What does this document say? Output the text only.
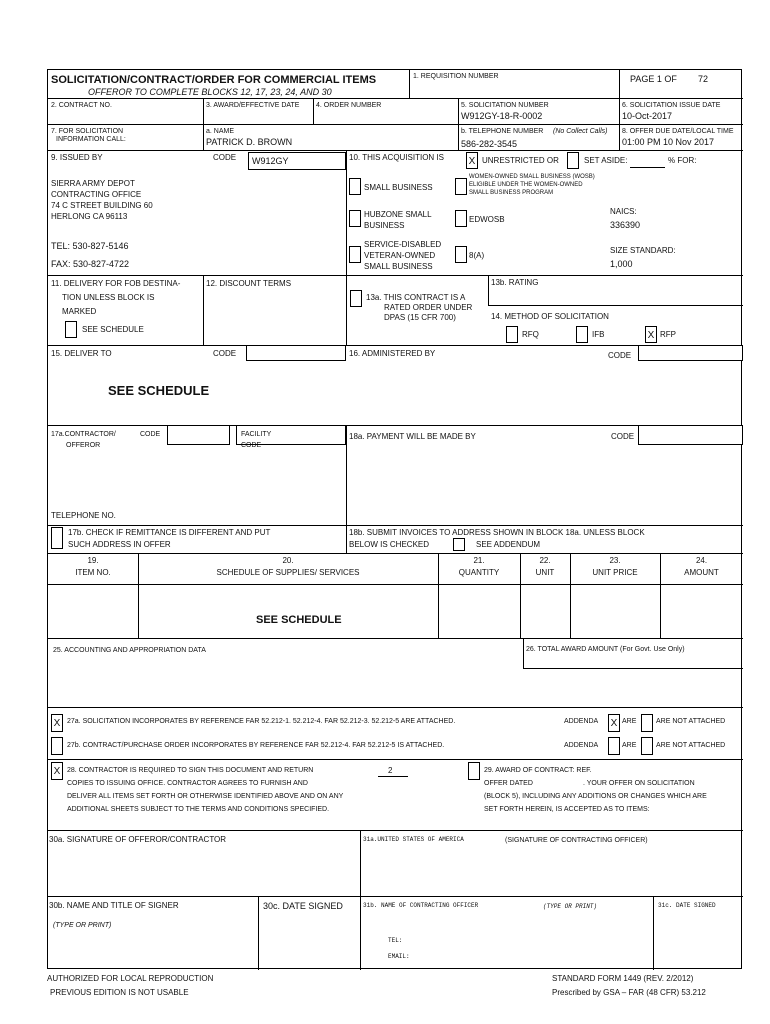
SOLICITATION/CONTRACT/ORDER FOR COMMERCIAL ITEMS
OFFEROR TO COMPLETE BLOCKS 12, 17, 23, 24, AND 30
1. REQUISITION NUMBER	PAGE 1 OF 72
2. CONTRACT NO.	3. AWARD/EFFECTIVE DATE 4. ORDER NUMBER	5. SOLICITATION NUMBER
W912GY-18-R-0002
6. SOLICITATION ISSUE DATE
10-Oct-2017
7. FOR SOLICITATION
INFORMATION CALL:
a. NAME
PATRICK D. BROWN
b. TELEPHONE NUMBER (No Collect Calls)
586-282-3545
8. OFFER DUE DATE/LOCAL TIME
01:00 PM 10 Nov 2017
9. ISSUED BY	CODE W912GY
SIERRA ARMY DEPOT
CONTRACTING OFFICE
74 C STREET BUILDING 60
HERLONG CA 96113
TEL: 530-827-5146
FAX: 530-827-4722
10. THIS ACQUISITION IS X UNRESTRICTED OR	SET ASIDE:	% FOR:
SMALL BUSINESS
WOMEN-OWNED SMALL BUSINESS (WOSB)
ELIGIBLE UNDER THE WOMEN-OWNED
SMALL BUSINESS PROGRAM
HUBZONE SMALL
BUSINESS
EDWOSB
NAICS:
336390
SERVICE-DISABLED
VETERAN-OWNED
SMALL BUSINESS
8(A)
SIZE STANDARD:
1,000
11. DELIVERY FOR FOB DESTINA-
TION UNLESS BLOCK IS
MARKED
SEE SCHEDULE
12. DISCOUNT TERMS
13a. THIS CONTRACT IS A
RATED ORDER UNDER
DPAS (15 CFR 700)
13b. RATING
14. METHOD OF SOLICITATION
RFQ	IFB	X RFP
15. DELIVER TO	CODE
SEE SCHEDULE
16. ADMINISTERED BY	CODE
17a.CONTRACTOR/
OFFEROR
CODE	FACILITY
CODE
18a. PAYMENT WILL BE MADE BY	CODE
TELEPHONE NO.
17b. CHECK IF REMITTANCE IS DIFFERENT AND PUT
SUCH ADDRESS IN OFFER
18b. SUBMIT INVOICES TO ADDRESS SHOWN IN BLOCK 18a. UNLESS BLOCK
BELOW IS CHECKED	SEE ADDENDUM
19.
ITEM NO.
20.
SCHEDULE OF SUPPLIES/ SERVICES
21.
QUANTITY
22.
UNIT
23.
UNIT PRICE
24.
AMOUNT
SEE SCHEDULE
25. ACCOUNTING AND APPROPRIATION DATA	26. TOTAL AWARD AMOUNT (For Govt. Use Only)
X 27a. SOLICITATION INCORPORATES BY REFERENCE FAR 52.212-1. 52.212-4. FAR 52.212-3. 52.212-5 ARE ATTACHED.	ADDENDA X ARE	ARE NOT ATTACHED
27b. CONTRACT/PURCHASE ORDER INCORPORATES BY REFERENCE FAR 52.212-4. FAR 52.212-5 IS ATTACHED.	ADDENDA	ARE	ARE NOT ATTACHED
X 28. CONTRACTOR IS REQUIRED TO SIGN THIS DOCUMENT AND RETURN	2
COPIES TO ISSUING OFFICE. CONTRACTOR AGREES TO FURNISH AND
DELIVER ALL ITEMS SET FORTH OR OTHERWISE IDENTIFIED ABOVE AND ON ANY
ADDITIONAL SHEETS SUBJECT TO THE TERMS AND CONDITIONS SPECIFIED.
29. AWARD OF CONTRACT: REF.
OFFER DATED	. YOUR OFFER ON SOLICITATION
(BLOCK 5), INCLUDING ANY ADDITIONS OR CHANGES WHICH ARE
SET FORTH HEREIN, IS ACCEPTED AS TO ITEMS:
30a. SIGNATURE OF OFFEROR/CONTRACTOR	31a.UNITED STATES OF AMERICA	(SIGNATURE OF CONTRACTING OFFICER)
30b. NAME AND TITLE OF SIGNER
(TYPE OR PRINT)
30c. DATE SIGNED	31b. NAME OF CONTRACTING OFFICER	(TYPE OR PRINT)	31c. DATE SIGNED
TEL:
EMAIL:
AUTHORIZED FOR LOCAL REPRODUCTION
PREVIOUS EDITION IS NOT USABLE
STANDARD FORM 1449 (REV. 2/2012)
Prescribed by GSA – FAR (48 CFR) 53.212
